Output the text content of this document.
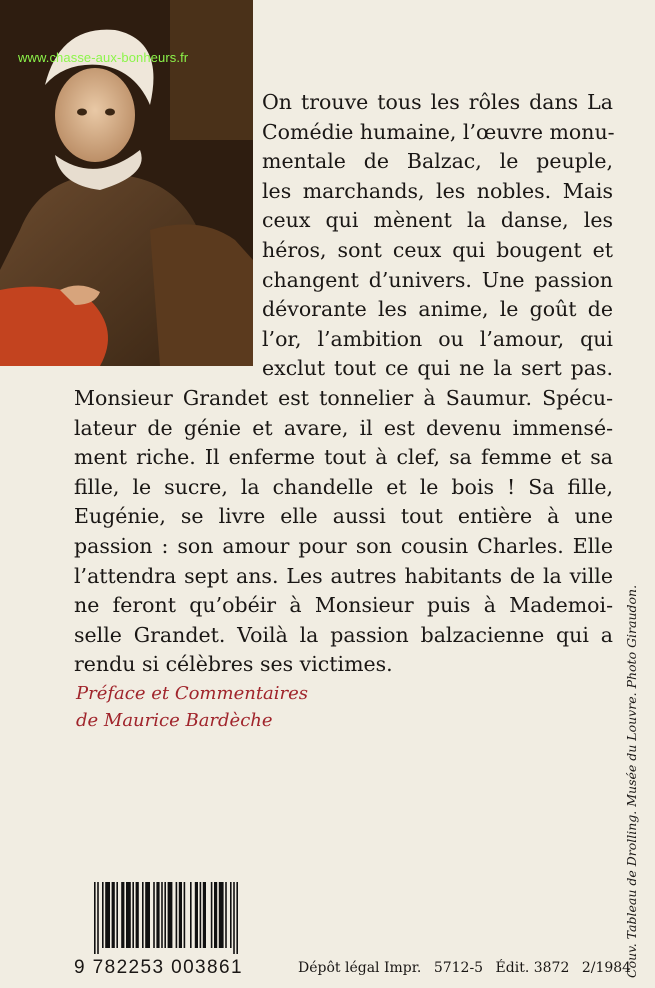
www.chasse-aux-bonheurs.fr
On trouve tous les rôles dans La
Comédie humaine, l’œuvre monu-
mentale de Balzac, le peuple,
les marchands, les nobles. Mais
ceux qui mènent la danse, les
héros, sont ceux qui bougent et
changent d’univers. Une passion
dévorante les anime, le goût de
l’or, l’ambition ou l’amour, qui
exclut tout ce qui ne la sert pas.
Monsieur Grandet est tonnelier à Saumur. Spécu-
lateur de génie et avare, il est devenu immensé-
ment riche. Il enferme tout à clef, sa femme et sa
fille, le sucre, la chandelle et le bois ! Sa fille,
Eugénie, se livre elle aussi tout entière à une
passion : son amour pour son cousin Charles. Elle
l’attendra sept ans. Les autres habitants de la ville
ne feront qu’obéir à Monsieur puis à Mademoi-
selle Grandet. Voilà la passion balzacienne qui a
rendu si célèbres ses victimes.
Préface et Commentaires
de Maurice Bardèche	Couv. Tableau de Drolling. Musée du Louvre. Photo Giraudon.
9 782253 003861	Dépôt légal Impr. 5712-5 Édit. 3872 2/1984
